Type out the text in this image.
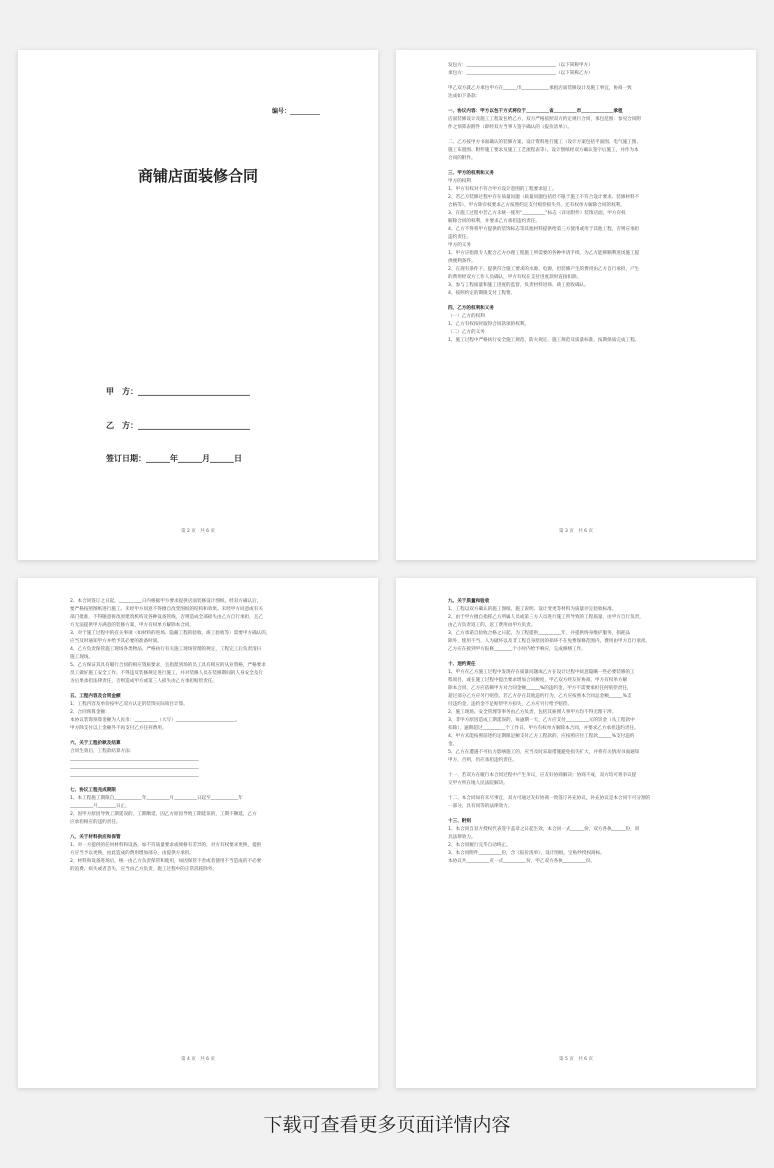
编号：__________
商铺店面装修合同
甲　方：____________________________
乙　方：____________________________
签订日期：______年______月______日
第 2 页　共 6 页

发包方：_______________________________________（以下简称甲方）

承包方：_______________________________________（以下简称乙方）

甲乙双方就乙方承包甲方在______市____________承租店面装修设计及施工事宜，协商一致

达成如下条款：

一、协议内容：甲方以包干方式将位于__________省__________市______________承租

店面装修设计及施工工程发包给乙方，双方严格依照双方约定规行合同，承包范围：参见合同附

件之预算表附件（即经双方当事人签字确认的《报价清单》）。

二、乙方按甲方书面确认的装修方案，设计资料进行施工（设计方案包括平面图、电气施工图、

施工布置图、附件施工要求及施工工艺流程表等）。设计图纸经双方确认签字后施工，并作为本

合同的附件。

三、甲方的权利和义务

甲方的权利

1、甲方有权对不符合甲方设计意图的工程要求返工。

2、若乙方装修过程中存在质量问题（质量问题包括但不限于施工不符合设计要求、装修材料不

合格等），甲方除有权要求乙方按照约定支付赔偿损失外，还有权单方解除合同的权利。

3、在施工过程中若乙方未统一使用“__________”标志（详见附件）装饰店面，甲方有权

解除合同的权利，并要求乙方承担违约责任。

4、乙方不得将甲方提供的装饰标志等其他材料提供给第三方使用或用于其他工程，否则应承担

违约责任。

甲方的义务

1、甲方应指派专人配合乙方办理工程施工所需要的各种申请手续，为乙方能够顺利进场施工提

供便利条件。

2、在现有条件下，提供符合施工要求的水源、电源，但装修产生的费用由乙方自行承担，产生

的费用经双方工作人员确认，甲方有权在支付进度款时直接扣除。

3、参与工程质量和施工进度的监督，负责材料进场、竣工验收确认。

4、按照约定的期限支付工程费。

四、乙方的权利和义务

（一）乙方的权利

1、乙方有权按时取得合同款项的权利。

（二）乙方的义务

1、施工过程中严格执行安全施工规范、防火规定、施工规范及质量标准，按期保质完成工程。

第 3 页　共 6 页

2、本合同签订之日起，__________日内根据甲方要求提供店面装修设计图纸，经双方确认后，

要严格按照图纸进行施工。未经甲方同意不得擅自改变图纸的结构和效果。未经甲方同意或有关

部门批准，不得随意拆改原建筑机构及各种设备管线，否则造成全部损失由乙方自行承担，且乙

方无法提供甲方满意的装修方案，甲方有权单方解除本合同。

3、对于施工过程中的有关事项（如材料的进场、隐蔽工程的验收、竣工验收等）需要甲方确认的，

应当及时通知甲方并给予其必要的准备时间。

4、乙方负责保管施工现场各类物品，严格执行有关施工现场管理的规定，工程完工后负责清扫

施工现场。

5、乙方保证其具有履行合同的相应资质要求，且指派到场的员工具有相应的从业资格，严格要求

员工做好施工安全工作。不得违反装修规定进行施工，并对装修人员在装修期间的人身安全及行

为后果承担法律责任，否则造成甲方或第三人损失由乙方承担赔偿责任。

五、工程内容及合同金额

1、工程内容及单价按甲乙双方认定的装饰实际项目计算。

2、合同预算金额：

本协议装饰预算金额为人民币：__________（大写）__________________________。

甲方除支付以上金额外不再支付乙方任何费用。

六、关于工程价款及结算

合同生效后，工程款结算方法：

________________________________________________________

________________________________________________________

________________________________________________________

七、协议工程完成期限

1、本工程施工期限自____________年__________月__________日起至____________年

__________月________日止。

2、因甲方原因导致工期延误的，工期顺延，因乙方原因导致工期延误的，工期不顺延，乙方

应承担相应的违约责任。

八、关于材料供应和保管

1、对一方提供的任何材料和设备，如不符质量要求或规格有差异的，对方有权要求更换，提供

方应当予以更换，由此造成的费用增加部分，由提供方承担。

2、材料和设备进场后，统一由乙方负责保管和使用，如因保管不善或者使用不当造成的不必要

的浪费、损失或者丢失，应当由乙方负责，施工过程中的正常消耗除外。

第 4 页　共 6 页

九、关于质量和验收

1、工程以双方确认的施工图纸、施工说明、设计变更等材料为质量评定验收标准。

2、由于甲方擅自指挥乙方所属人员或第三方人员进行施工所导致的工程质量，由甲方自行负责，

由乙方负责返工的，返工费用由甲方负责。

3、乙方承诺自验收合格之日起，为工程提供__________年，并提供终身维护服务，损耗品

除外，使用不当、人为破坏以及非工程自身原因的损坏不在免费保修范围内，费用由甲方自行承担。

乙方应在接到甲方报修________个小时内给予响应，完成修缮工作。

十、违约责任

1、甲方在乙方施工过程中发现存在质量问题或乙方在设计过程中故意隐瞒一些必要装修的工

程项目，或在施工过程中提出要求增加合同额度，甲乙双方经友好协商，甲方有权单方解

除本合同，乙方应依赖甲方对合同金额______%的违约金，甲方不需要承担任何赔偿责任，

超过部分乙方应另行赔偿。若乙方存在其他违约行为，乙方应按照本合同总金额______%支

付违约金，违约金不足赔偿甲方损失，乙方应另行给予赔偿。

2、施工现场、安全管理等事务由乙方负责，包括其雇佣人事甲方均不得无理干涉。

3、非甲方原因造成工期延误的，每逾期一天，乙方应支付__________元的罚金（从工程款中

扣除），逾期超过__________个工作日，甲方有权单方解除本合同，并要求乙方承担违约责任。

4、甲方未能按照前述约定期限足额支付乙方工程款的，应按照应付工程款______%支付违约

金。

5、乙方在遭遇不可抗力影响施工的，应当及时采取措施避免损失扩大，并将有关情况书面通知

甲方，否则，仍应承担违约责任。

十一、若双方在履行本合同过程中产生争议，应友好协商解决；协商不成，双方均可将争议提

交甲方所在地人民法院解决。

十二、本合同如有未尽事宜，双方可通过友好协商一致签订补充协议，补充协议是本合同不可分割的

一部分，具有同等的法律效力。

十三、附则

1、本合同自双方授权代表签字盖章之日起生效，本合同一式______份，双方各执______份，同

具法律效力。

2、本合同履行完毕自动终止。

3、本合同附件__________份，含《报价清单》，设计图纸，宝贴纱授权商标。

本协议共__________页一式__________份，甲乙双方各执__________份。

第 5 页　共 6 页
下载可查看更多页面详情内容
